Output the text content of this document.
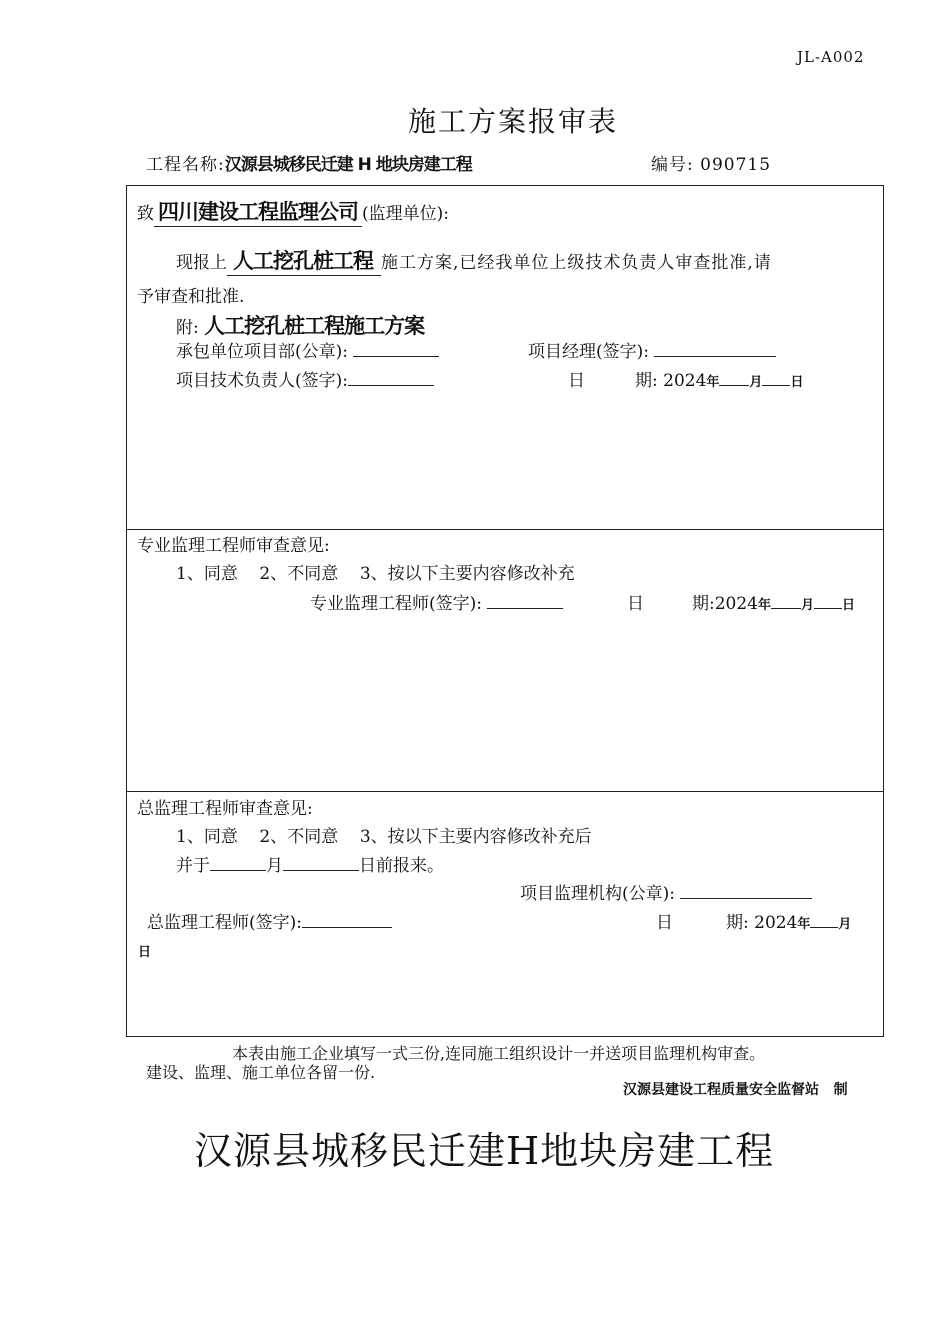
JL-A002
施工方案报审表
工程名称:汉源县城移民迁建 H 地块房建工程	编号: 090715
致 四川建设工程监理公司 (监理单位):
现报上 人工挖孔桩工程 施工方案,已经我单位上级技术负责人审查批准,请
予审查和批准.
附: 人工挖孔桩工程施工方案
承包单位项目部(公章):	项目经理(签字):
项目技术负责人(签字):	日	期: 2024年 月 日
专业监理工程师审查意见:
1、同意    2、不同意    3、按以下主要内容修改补充
专业监理工程师(签字):	日	期:2024年 月 日
总监理工程师审查意见:
1、同意    2、不同意    3、按以下主要内容修改补充后
并于	月	日前报来。
项目监理机构(公章):
总监理工程师(签字):	日	期: 2024年 月
日
本表由施工企业填写一式三份,连同施工组织设计一并送项目监理机构审查。
建设、监理、施工单位各留一份.
汉源县建设工程质量安全监督站   制
汉源县城移民迁建H地块房建工程
